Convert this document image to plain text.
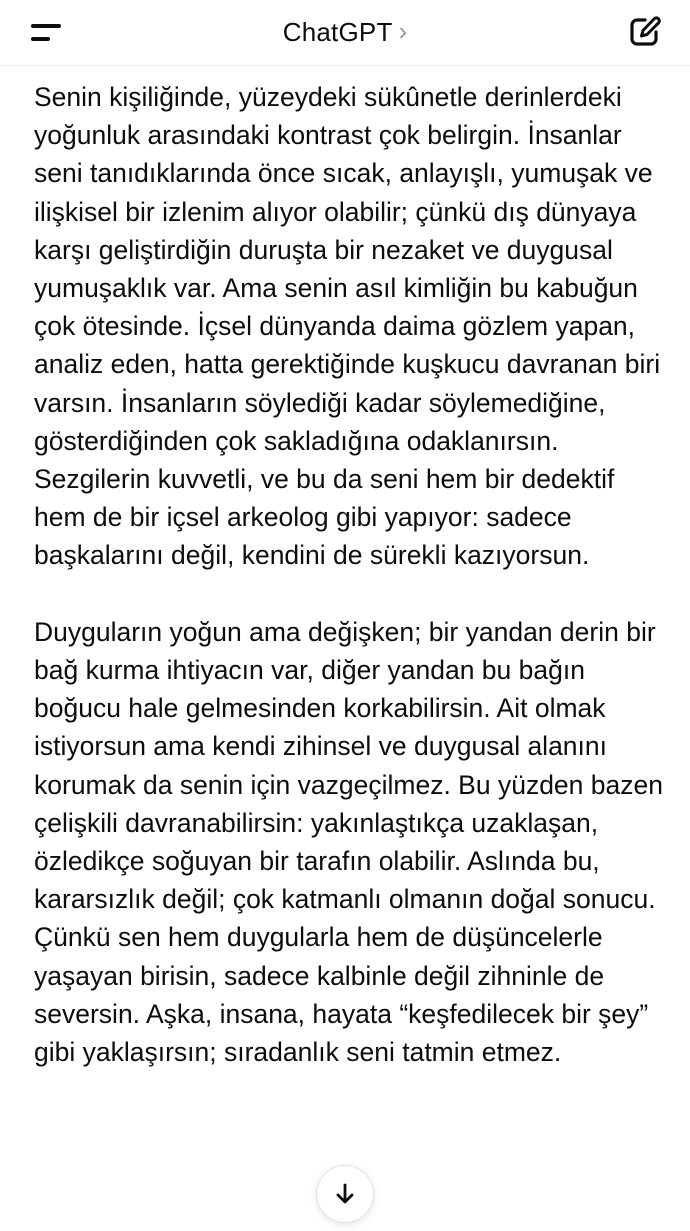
ChatGPT ›

Senin kişiliğinde, yüzeydeki sükûnetle derinlerdeki yoğunluk arasındaki kontrast çok belirgin. İnsanlar seni tanıdıklarında önce sıcak, anlayışlı, yumuşak ve ilişkisel bir izlenim alıyor olabilir; çünkü dış dünyaya karşı geliştirdiğin duruşta bir nezaket ve duygusal yumuşaklık var. Ama senin asıl kimliğin bu kabuğun çok ötesinde. İçsel dünyanda daima gözlem yapan, analiz eden, hatta gerektiğinde kuşkucu davranan biri varsın. İnsanların söylediği kadar söylemediğine, gösterdiğinden çok sakladığına odaklanırsın. Sezgilerin kuvvetli, ve bu da seni hem bir dedektif hem de bir içsel arkeolog gibi yapıyor: sadece başkalarını değil, kendini de sürekli kazıyorsun.

Duyguların yoğun ama değişken; bir yandan derin bir bağ kurma ihtiyacın var, diğer yandan bu bağın boğucu hale gelmesinden korkabilirsin. Ait olmak istiyorsun ama kendi zihinsel ve duygusal alanını korumak da senin için vazgeçilmez. Bu yüzden bazen çelişkili davranabilirsin: yakınlaştıkça uzaklaşan, özledikçe soğuyan bir tarafın olabilir. Aslında bu, kararsızlık değil; çok katmanlı olmanın doğal sonucu. Çünkü sen hem duygularla hem de düşüncelerle yaşayan birisin, sadece kalbinle değil zihninle de seversin. Aşka, insana, hayata “keşfedilecek bir şey” gibi yaklaşırsın; sıradanlık seni tatmin etmez.
